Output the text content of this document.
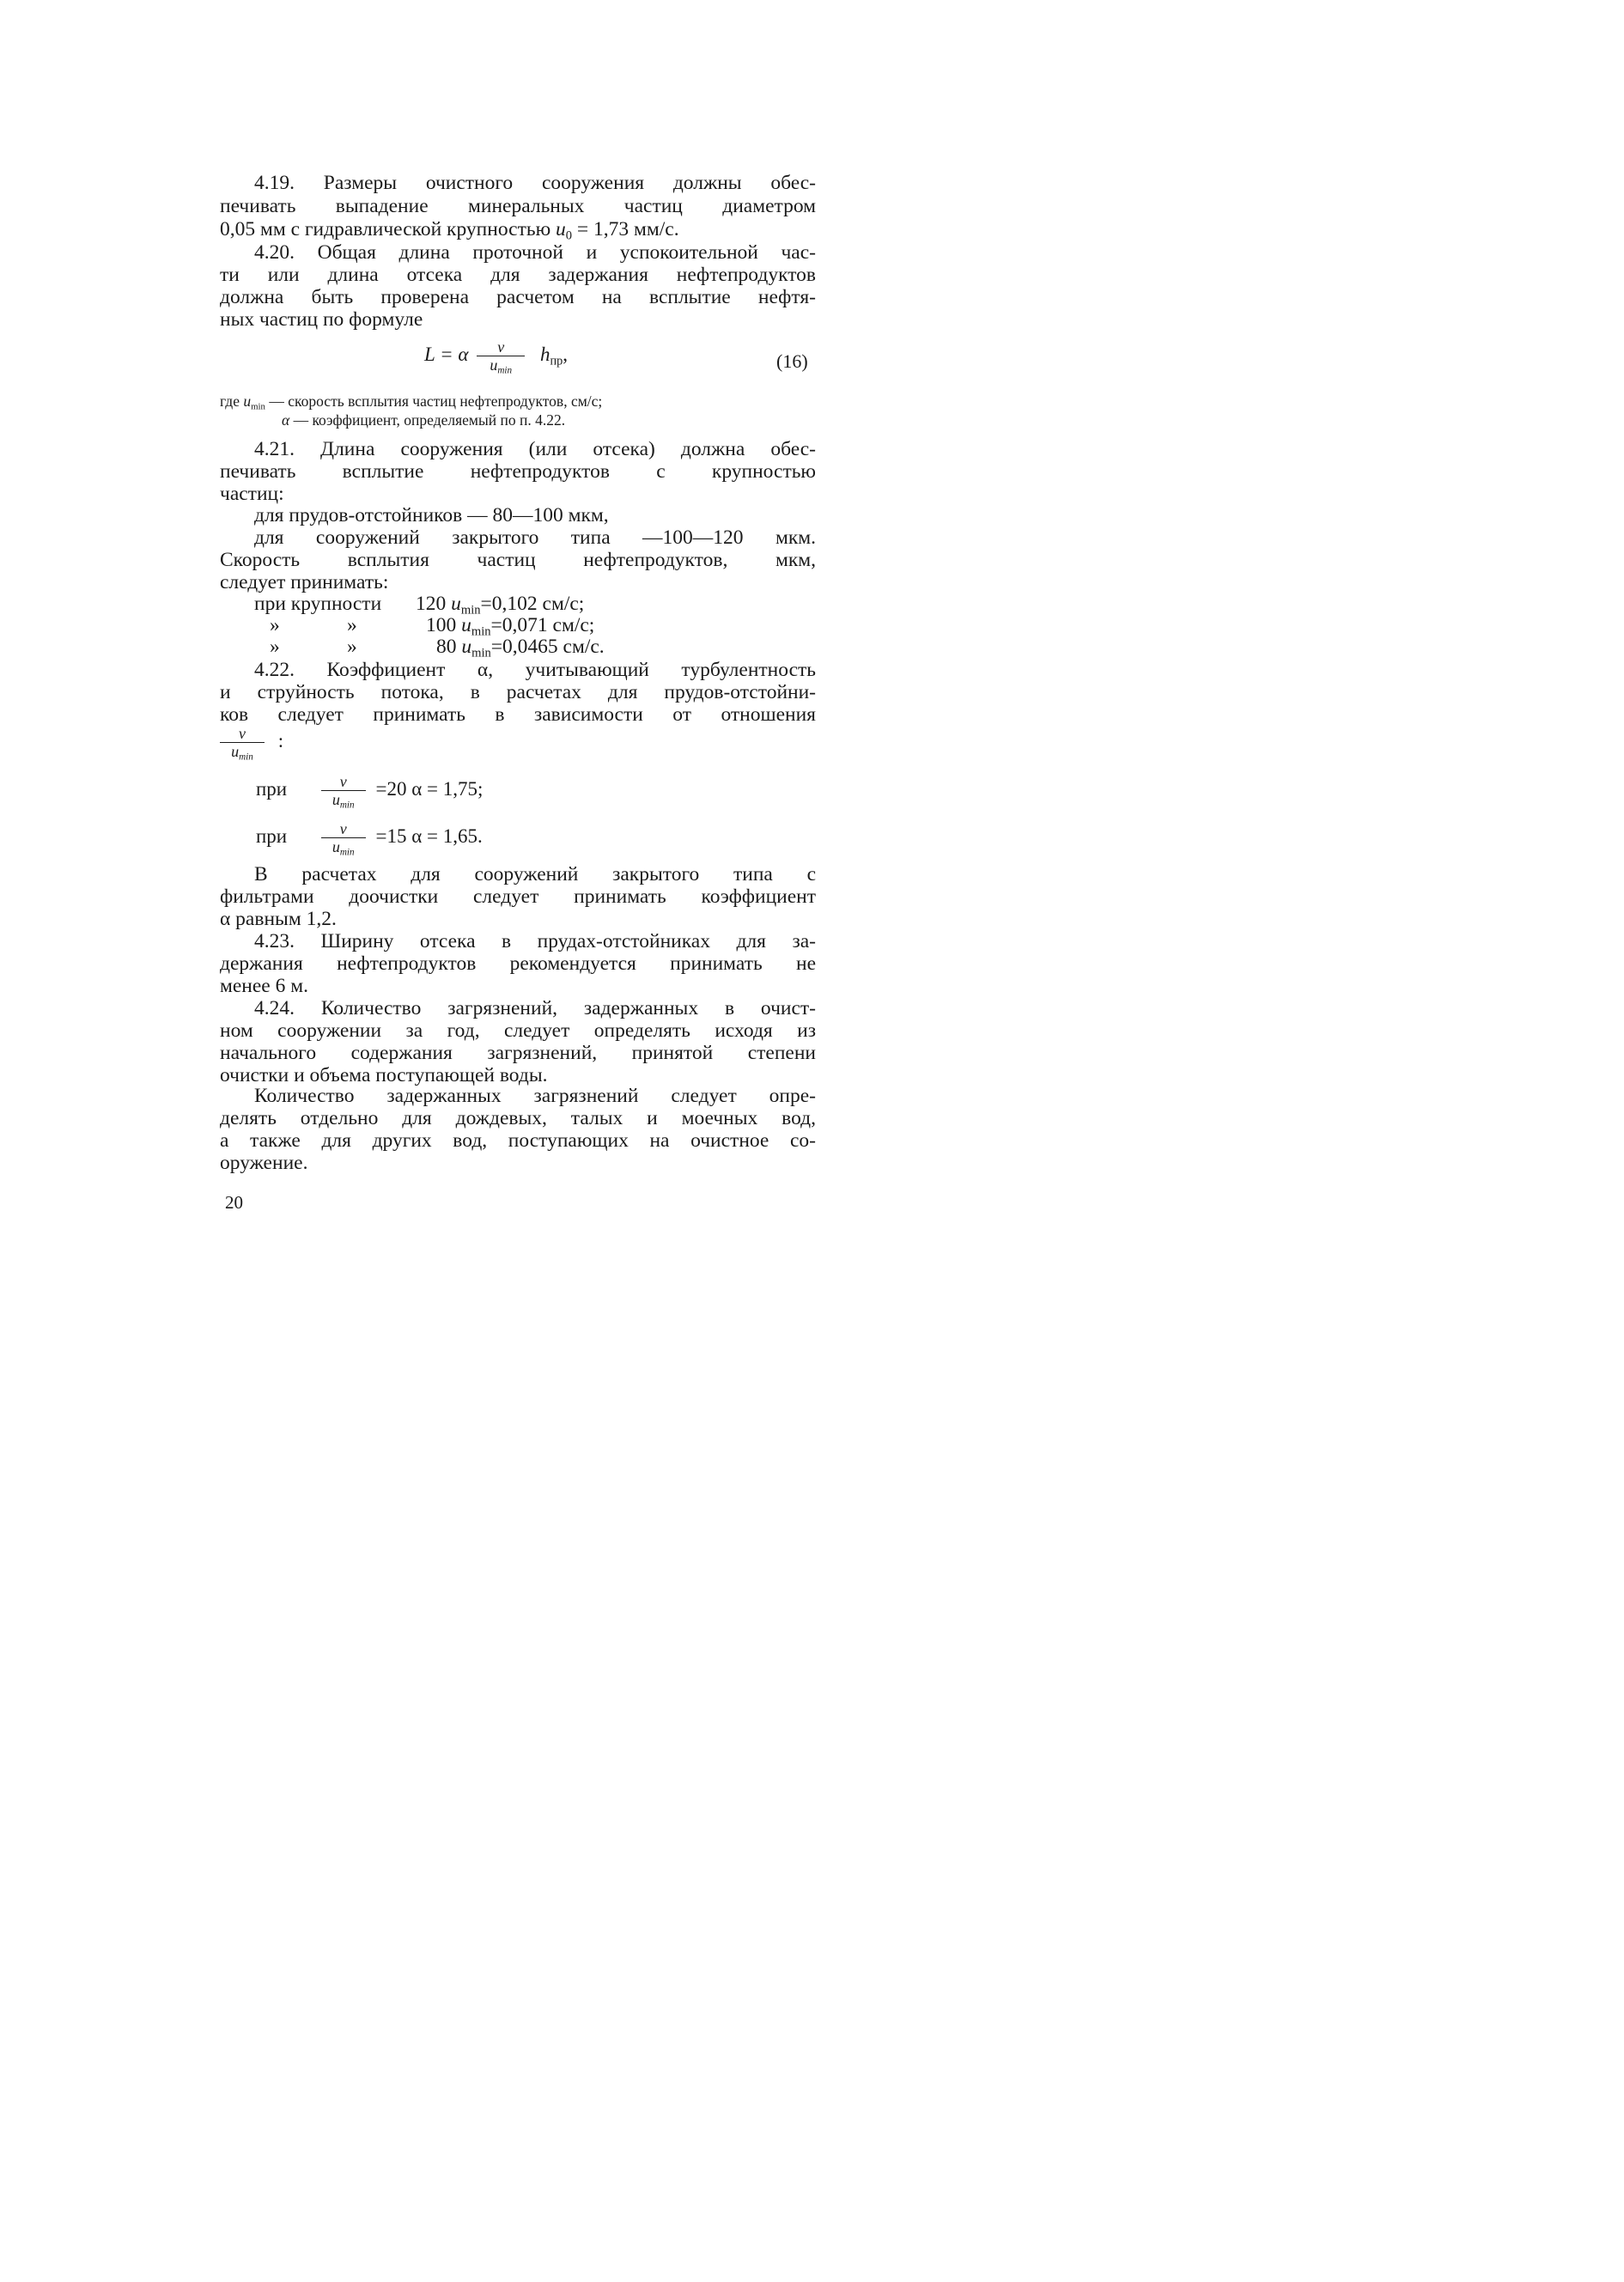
4.19. Размеры очистного сооружения должны обес-
печивать выпадение минеральных частиц диаметром
0,05 мм с гидравлической крупностью $u_0 = 1,73$ мм/с.
4.20. Общая длина проточной и успокоительной час-
ти или длина отсека для задержания нефтепродуктов
должна быть проверена расчетом на всплытие нефтя-
ных частиц по формуле
L = α $\frac{v}{u_{min}} h_{пр}$,	(16)
где $u_{min}$ — скорость всплытия частиц нефтепродуктов, см/с;
α — коэффициент, определяемый по п. 4.22.
4.21. Длина сооружения (или отсека) должна обес-
печивать всплытие нефтепродуктов с крупностью
частиц:
для прудов-отстойников — 80—100 мкм,
для сооружений закрытого типа —100—120 мкм.
Скорость всплытия частиц нефтепродуктов, мкм,
следует принимать:
при крупности 120 $u_{min}=0,102$ см/с;
»	»	100 $u_{min}=0,071$ см/с;
»	»	80 $u_{min}=0,0465$ см/с.
4.22. Коэффициент α, учитывающий турбулентность
и струйность потока, в расчетах для прудов-отстойни-
ков следует принимать в зависимости от отношения
$\frac{v}{u_{min}}$ :
при $\frac{v}{u_{min}} =20$ α = 1,75;
при $\frac{v}{u_{min}} =15$ α = 1,65.
В расчетах для сооружений закрытого типа с
фильтрами доочистки следует принимать коэффициент
α равным 1,2.
4.23. Ширину отсека в прудах-отстойниках для за-
держания нефтепродуктов рекомендуется принимать не
менее 6 м.
4.24. Количество загрязнений, задержанных в очист-
ном сооружении за год, следует определять исходя из
начального содержания загрязнений, принятой степени
очистки и объема поступающей воды.
Количество задержанных загрязнений следует опре-
делять отдельно для дождевых, талых и моечных вод,
а также для других вод, поступающих на очистное со-
оружение.
20
